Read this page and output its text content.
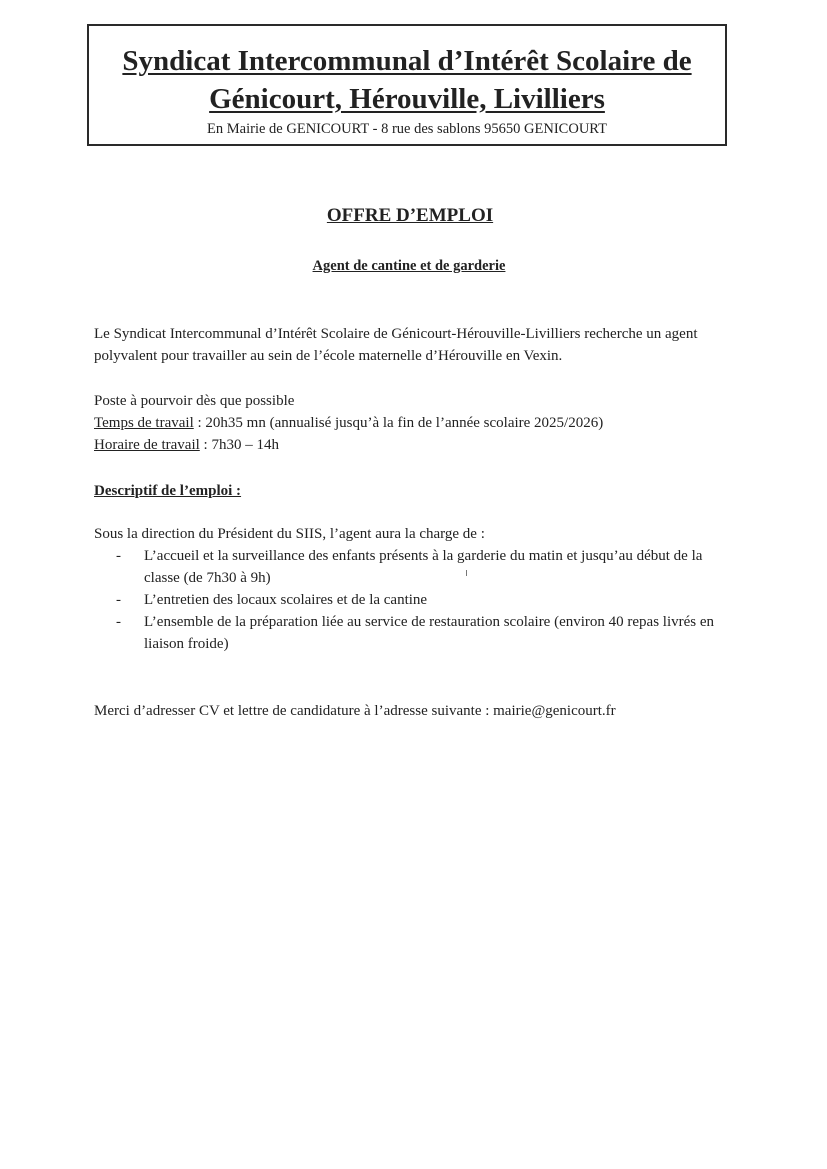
Syndicat Intercommunal d’Intérêt Scolaire de
Génicourt, Hérouville, Livilliers

En Mairie de GENICOURT - 8 rue des sablons 95650 GENICOURT
OFFRE D’EMPLOI
Agent de cantine et de garderie
Le Syndicat Intercommunal d’Intérêt Scolaire de Génicourt-Hérouville-Livilliers recherche un agent polyvalent pour travailler au sein de l’école maternelle d’Hérouville en Vexin.
Poste à pourvoir dès que possible
Temps de travail : 20h35 mn (annualisé jusqu’à la fin de l’année scolaire 2025/2026)
Horaire de travail : 7h30 – 14h
Descriptif de l’emploi :
Sous la direction du Président du SIIS, l’agent aura la charge de :
- L’accueil et la surveillance des enfants présents à la garderie du matin et jusqu’au début de la classe (de 7h30 à 9h)
- L’entretien des locaux scolaires et de la cantine
- L’ensemble de la préparation liée au service de restauration scolaire (environ 40 repas livrés en liaison froide)
Merci d’adresser CV et lettre de candidature à l’adresse suivante : mairie@genicourt.fr
